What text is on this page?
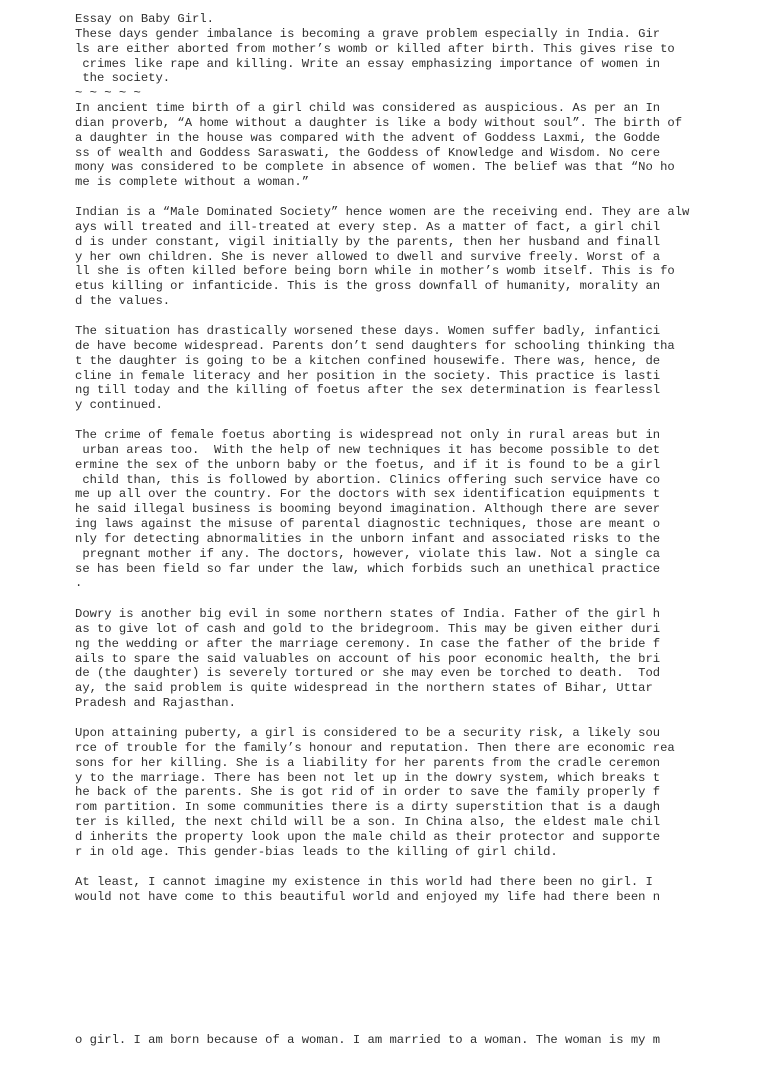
Essay on Baby Girl.
These days gender imbalance is becoming a grave problem especially in India. Gir
ls are either aborted from mother’s womb or killed after birth. This gives rise to
crimes like rape and killing. Write an essay emphasizing importance of women in
the society.
~ ~ ~ ~ ~
In ancient time birth of a girl child was considered as auspicious. As per an In
dian proverb, “A home without a daughter is like a body without soul”. The birth of
a daughter in the house was compared with the advent of Goddess Laxmi, the Godde
ss of wealth and Goddess Saraswati, the Goddess of Knowledge and Wisdom. No cere
mony was considered to be complete in absence of women. The belief was that “No ho
me is complete without a woman.”
Indian is a “Male Dominated Society” hence women are the receiving end. They are alw
ays will treated and ill-treated at every step. As a matter of fact, a girl chil
d is under constant, vigil initially by the parents, then her husband and finall
y her own children. She is never allowed to dwell and survive freely. Worst of a
ll she is often killed before being born while in mother’s womb itself. This is fo
etus killing or infanticide. This is the gross downfall of humanity, morality an
d the values.
The situation has drastically worsened these days. Women suffer badly, infantici
de have become widespread. Parents don’t send daughters for schooling thinking tha
t the daughter is going to be a kitchen confined housewife. There was, hence, de
cline in female literacy and her position in the society. This practice is lasti
ng till today and the killing of foetus after the sex determination is fearlessl
y continued.
The crime of female foetus aborting is widespread not only in rural areas but in
urban areas too.  With the help of new techniques it has become possible to det
ermine the sex of the unborn baby or the foetus, and if it is found to be a girl
child than, this is followed by abortion. Clinics offering such service have co
me up all over the country. For the doctors with sex identification equipments t
he said illegal business is booming beyond imagination. Although there are sever
ing laws against the misuse of parental diagnostic techniques, those are meant o
nly for detecting abnormalities in the unborn infant and associated risks to the
pregnant mother if any. The doctors, however, violate this law. Not a single ca
se has been field so far under the law, which forbids such an unethical practice
.
Dowry is another big evil in some northern states of India. Father of the girl h
as to give lot of cash and gold to the bridegroom. This may be given either duri
ng the wedding or after the marriage ceremony. In case the father of the bride f
ails to spare the said valuables on account of his poor economic health, the bri
de (the daughter) is severely tortured or she may even be torched to death.  Tod
ay, the said problem is quite widespread in the northern states of Bihar, Uttar
Pradesh and Rajasthan.
Upon attaining puberty, a girl is considered to be a security risk, a likely sou
rce of trouble for the family’s honour and reputation. Then there are economic rea
sons for her killing. She is a liability for her parents from the cradle ceremon
y to the marriage. There has been not let up in the dowry system, which breaks t
he back of the parents. She is got rid of in order to save the family properly f
rom partition. In some communities there is a dirty superstition that is a daugh
ter is killed, the next child will be a son. In China also, the eldest male chil
d inherits the property look upon the male child as their protector and supporte
r in old age. This gender-bias leads to the killing of girl child.
At least, I cannot imagine my existence in this world had there been no girl. I
would not have come to this beautiful world and enjoyed my life had there been n

o girl. I am born because of a woman. I am married to a woman. The woman is my m
